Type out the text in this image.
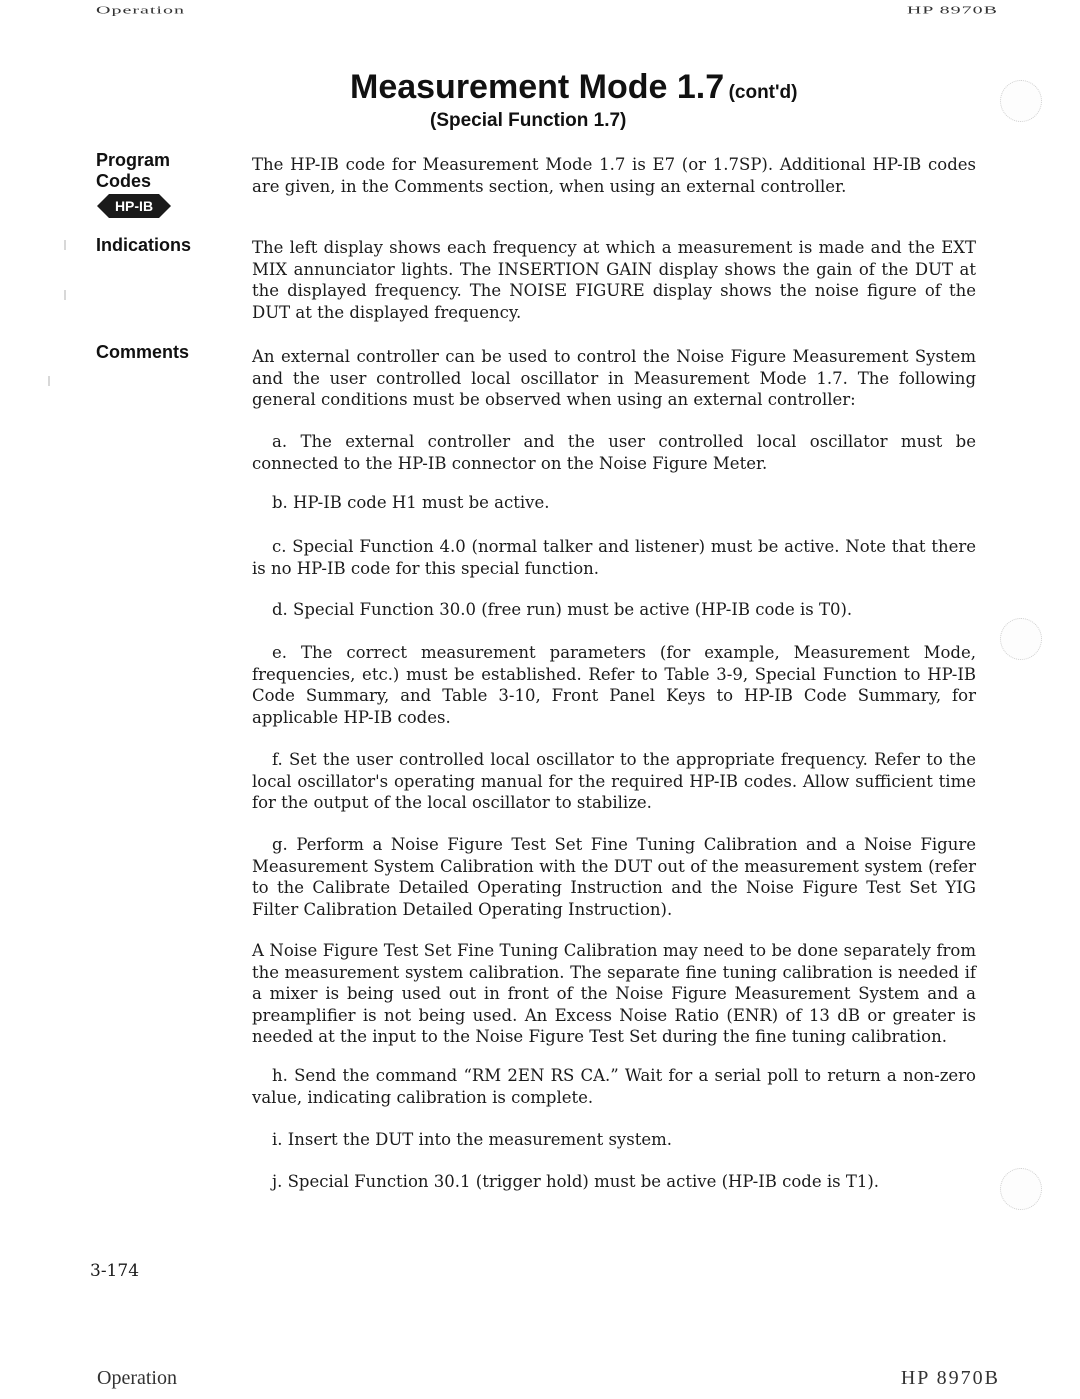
Operation	HP 8970B
Measurement Mode 1.7 (cont'd)
(Special Function 1.7)
Program
Codes
HP-IB
The HP-IB code for Measurement Mode 1.7 is E7 (or 1.7SP). Additional HP-IB codes are given, in the Comments section, when using an external controller.
Indications	The left display shows each frequency at which a measurement is made and the EXT MIX annunciator lights. The INSERTION GAIN display shows the gain of the DUT at the displayed frequency. The NOISE FIGURE display shows the noise figure of the DUT at the displayed frequency.
Comments	An external controller can be used to control the Noise Figure Measurement System and the user controlled local oscillator in Measurement Mode 1.7. The following general conditions must be observed when using an external controller:
a. The external controller and the user controlled local oscillator must be connected to the HP-IB connector on the Noise Figure Meter.
b. HP-IB code H1 must be active.
c. Special Function 4.0 (normal talker and listener) must be active. Note that there is no HP-IB code for this special function.
d. Special Function 30.0 (free run) must be active (HP-IB code is T0).
e. The correct measurement parameters (for example, Measurement Mode, frequencies, etc.) must be established. Refer to Table 3-9, Special Function to HP-IB Code Summary, and Table 3-10, Front Panel Keys to HP-IB Code Summary, for applicable HP-IB codes.
f. Set the user controlled local oscillator to the appropriate frequency. Refer to the local oscillator's operating manual for the required HP-IB codes. Allow sufficient time for the output of the local oscillator to stabilize.
g. Perform a Noise Figure Test Set Fine Tuning Calibration and a Noise Figure Measurement System Calibration with the DUT out of the measurement system (refer to the Calibrate Detailed Operating Instruction and the Noise Figure Test Set YIG Filter Calibration Detailed Operating Instruction).
A Noise Figure Test Set Fine Tuning Calibration may need to be done separately from the measurement system calibration. The separate fine tuning calibration is needed if a mixer is being used out in front of the Noise Figure Measurement System and a preamplifier is not being used. An Excess Noise Ratio (ENR) of 13 dB or greater is needed at the input to the Noise Figure Test Set during the fine tuning calibration.
h. Send the command “RM 2EN RS CA.” Wait for a serial poll to return a non-zero value, indicating calibration is complete.
i. Insert the DUT into the measurement system.
j. Special Function 30.1 (trigger hold) must be active (HP-IB code is T1).
3-174
Operation	HP 8970B
